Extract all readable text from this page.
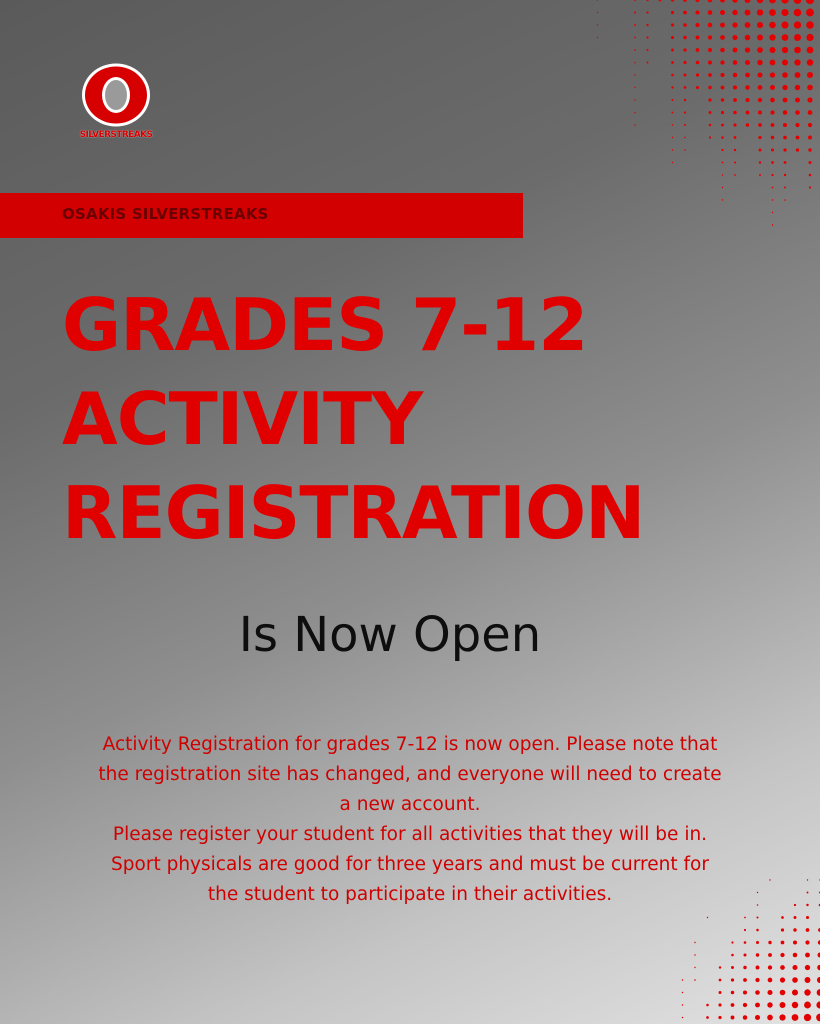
SILVERSTREAKS
OSAKIS SILVERSTREAKS
GRADES 7-12
ACTIVITY
REGISTRATION
Is Now Open
Activity Registration for grades 7-12 is now open. Please note that
the registration site has changed, and everyone will need to create
a new account.
Please register your student for all activities that they will be in.
Sport physicals are good for three years and must be current for
the student to participate in their activities.
